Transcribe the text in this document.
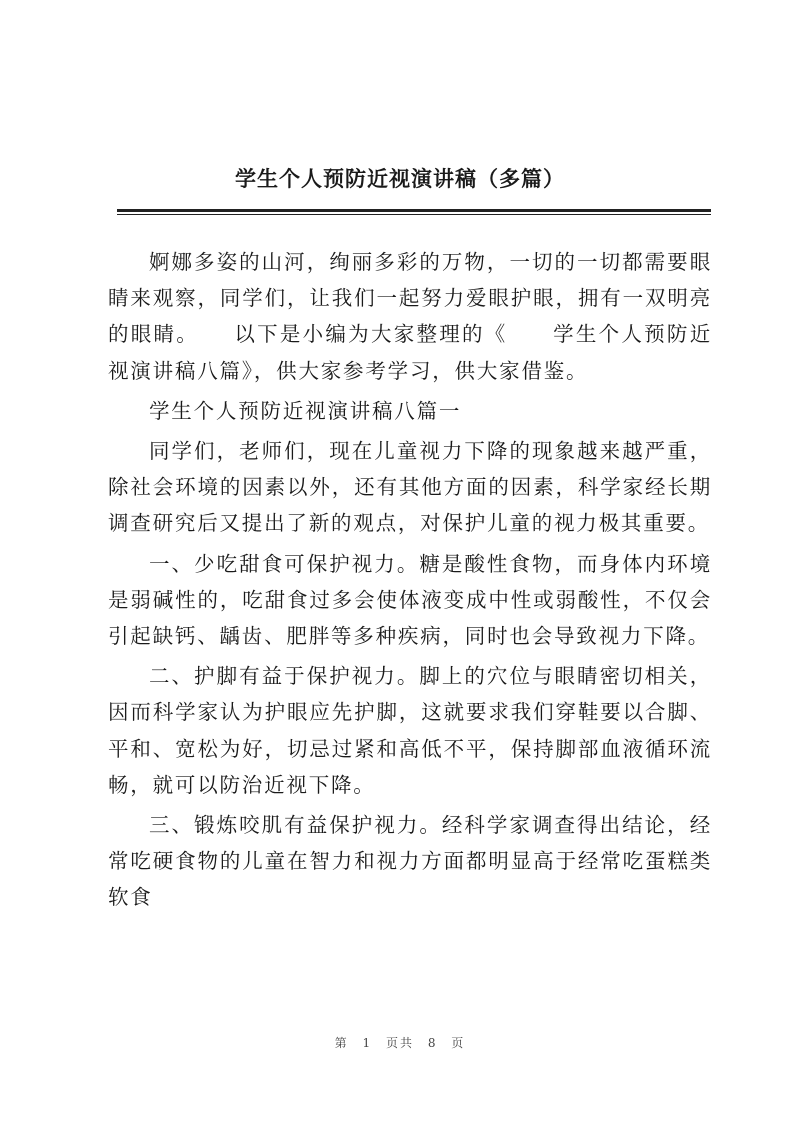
学生个人预防近视演讲稿（多篇）

婀娜多姿的山河，绚丽多彩的万物，一切的一切都需要眼睛来观察，同学们，让我们一起努力爱眼护眼，拥有一双明亮的眼睛。　　以下是小编为大家整理的《　　学生个人预防近视演讲稿八篇》，供大家参考学习，供大家借鉴。

学生个人预防近视演讲稿八篇一

同学们，老师们，现在儿童视力下降的现象越来越严重，除社会环境的因素以外，还有其他方面的因素，科学家经长期调查研究后又提出了新的观点，对保护儿童的视力极其重要。

一、少吃甜食可保护视力。糖是酸性食物，而身体内环境是弱碱性的，吃甜食过多会使体液变成中性或弱酸性，不仅会引起缺钙、龋齿、肥胖等多种疾病，同时也会导致视力下降。

二、护脚有益于保护视力。脚上的穴位与眼睛密切相关，因而科学家认为护眼应先护脚，这就要求我们穿鞋要以合脚、平和、宽松为好，切忌过紧和高低不平，保持脚部血液循环流畅，就可以防治近视下降。

三、锻炼咬肌有益保护视力。经科学家调查得出结论，经常吃硬食物的儿童在智力和视力方面都明显高于经常吃蛋糕类软食

第 1 页共 8 页
